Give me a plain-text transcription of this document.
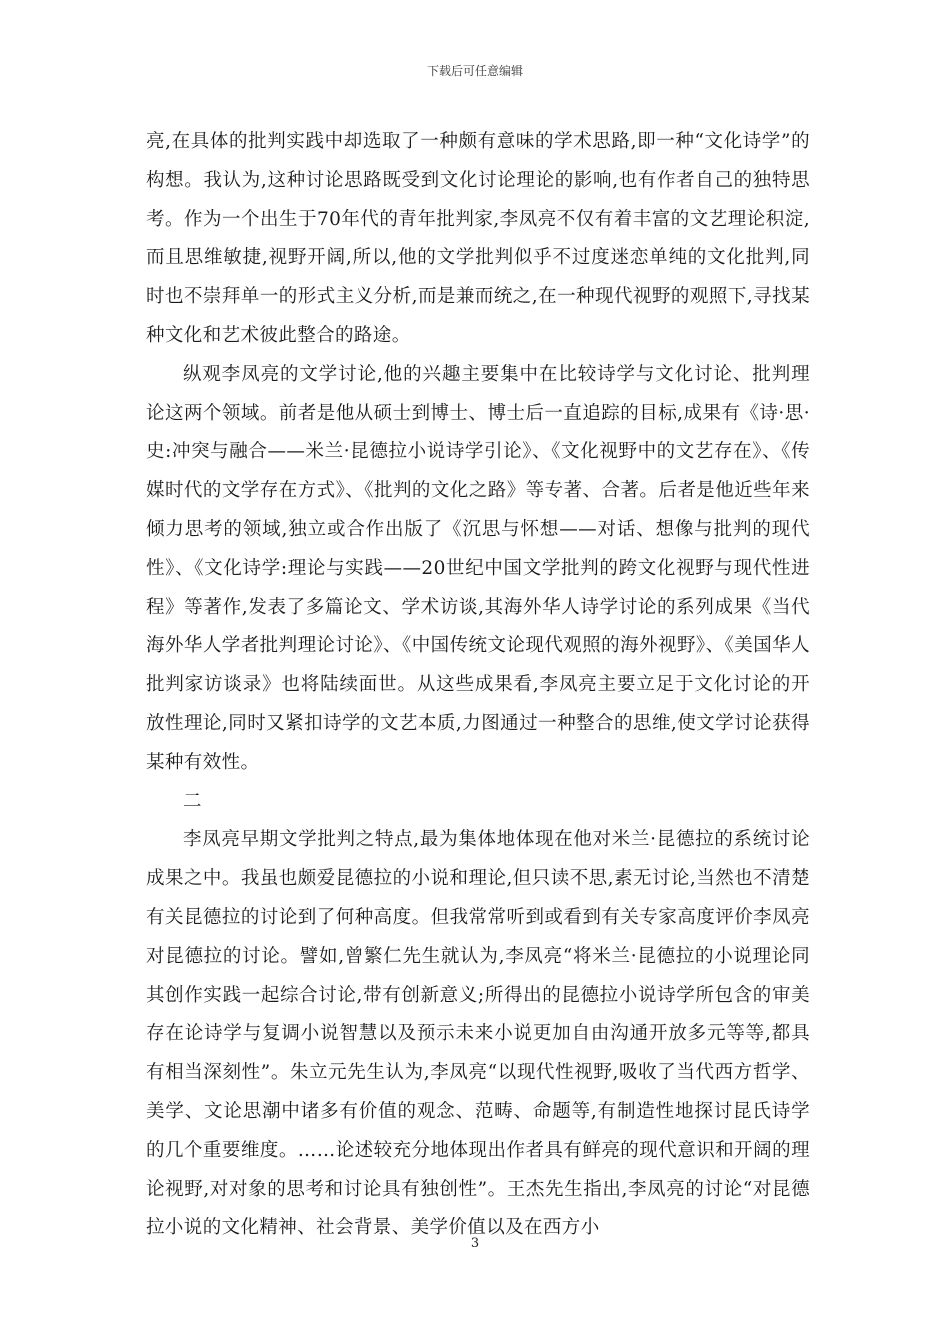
下载后可任意编辑

亮,在具体的批判实践中却选取了一种颇有意味的学术思路,即一种“文化诗学”的构想。我认为,这种讨论思路既受到文化讨论理论的影响,也有作者自己的独特思考。作为一个出生于70年代的青年批判家,李凤亮不仅有着丰富的文艺理论积淀,而且思维敏捷,视野开阔,所以,他的文学批判似乎不过度迷恋单纯的文化批判,同时也不崇拜单一的形式主义分析,而是兼而统之,在一种现代视野的观照下,寻找某种文化和艺术彼此整合的路途。

纵观李凤亮的文学讨论,他的兴趣主要集中在比较诗学与文化讨论、批判理论这两个领域。前者是他从硕士到博士、博士后一直追踪的目标,成果有《诗·思·史:冲突与融合——米兰·昆德拉小说诗学引论》、《文化视野中的文艺存在》、《传媒时代的文学存在方式》、《批判的文化之路》等专著、合著。后者是他近些年来倾力思考的领域,独立或合作出版了《沉思与怀想——对话、想像与批判的现代性》、《文化诗学:理论与实践——20世纪中国文学批判的跨文化视野与现代性进程》等著作,发表了多篇论文、学术访谈,其海外华人诗学讨论的系列成果《当代海外华人学者批判理论讨论》、《中国传统文论现代观照的海外视野》、《美国华人批判家访谈录》也将陆续面世。从这些成果看,李凤亮主要立足于文化讨论的开放性理论,同时又紧扣诗学的文艺本质,力图通过一种整合的思维,使文学讨论获得某种有效性。

二

李凤亮早期文学批判之特点,最为集体地体现在他对米兰·昆德拉的系统讨论成果之中。我虽也颇爱昆德拉的小说和理论,但只读不思,素无讨论,当然也不清楚有关昆德拉的讨论到了何种高度。但我常常听到或看到有关专家高度评价李凤亮对昆德拉的讨论。譬如,曾繁仁先生就认为,李凤亮“将米兰·昆德拉的小说理论同其创作实践一起综合讨论,带有创新意义;所得出的昆德拉小说诗学所包含的审美存在论诗学与复调小说智慧以及预示未来小说更加自由沟通开放多元等等,都具有相当深刻性”。朱立元先生认为,李凤亮“以现代性视野,吸收了当代西方哲学、美学、文论思潮中诸多有价值的观念、范畴、命题等,有制造性地探讨昆氏诗学的几个重要维度。……论述较充分地体现出作者具有鲜亮的现代意识和开阔的理论视野,对对象的思考和讨论具有独创性”。王杰先生指出,李凤亮的讨论“对昆德拉小说的文化精神、社会背景、美学价值以及在西方小

3
